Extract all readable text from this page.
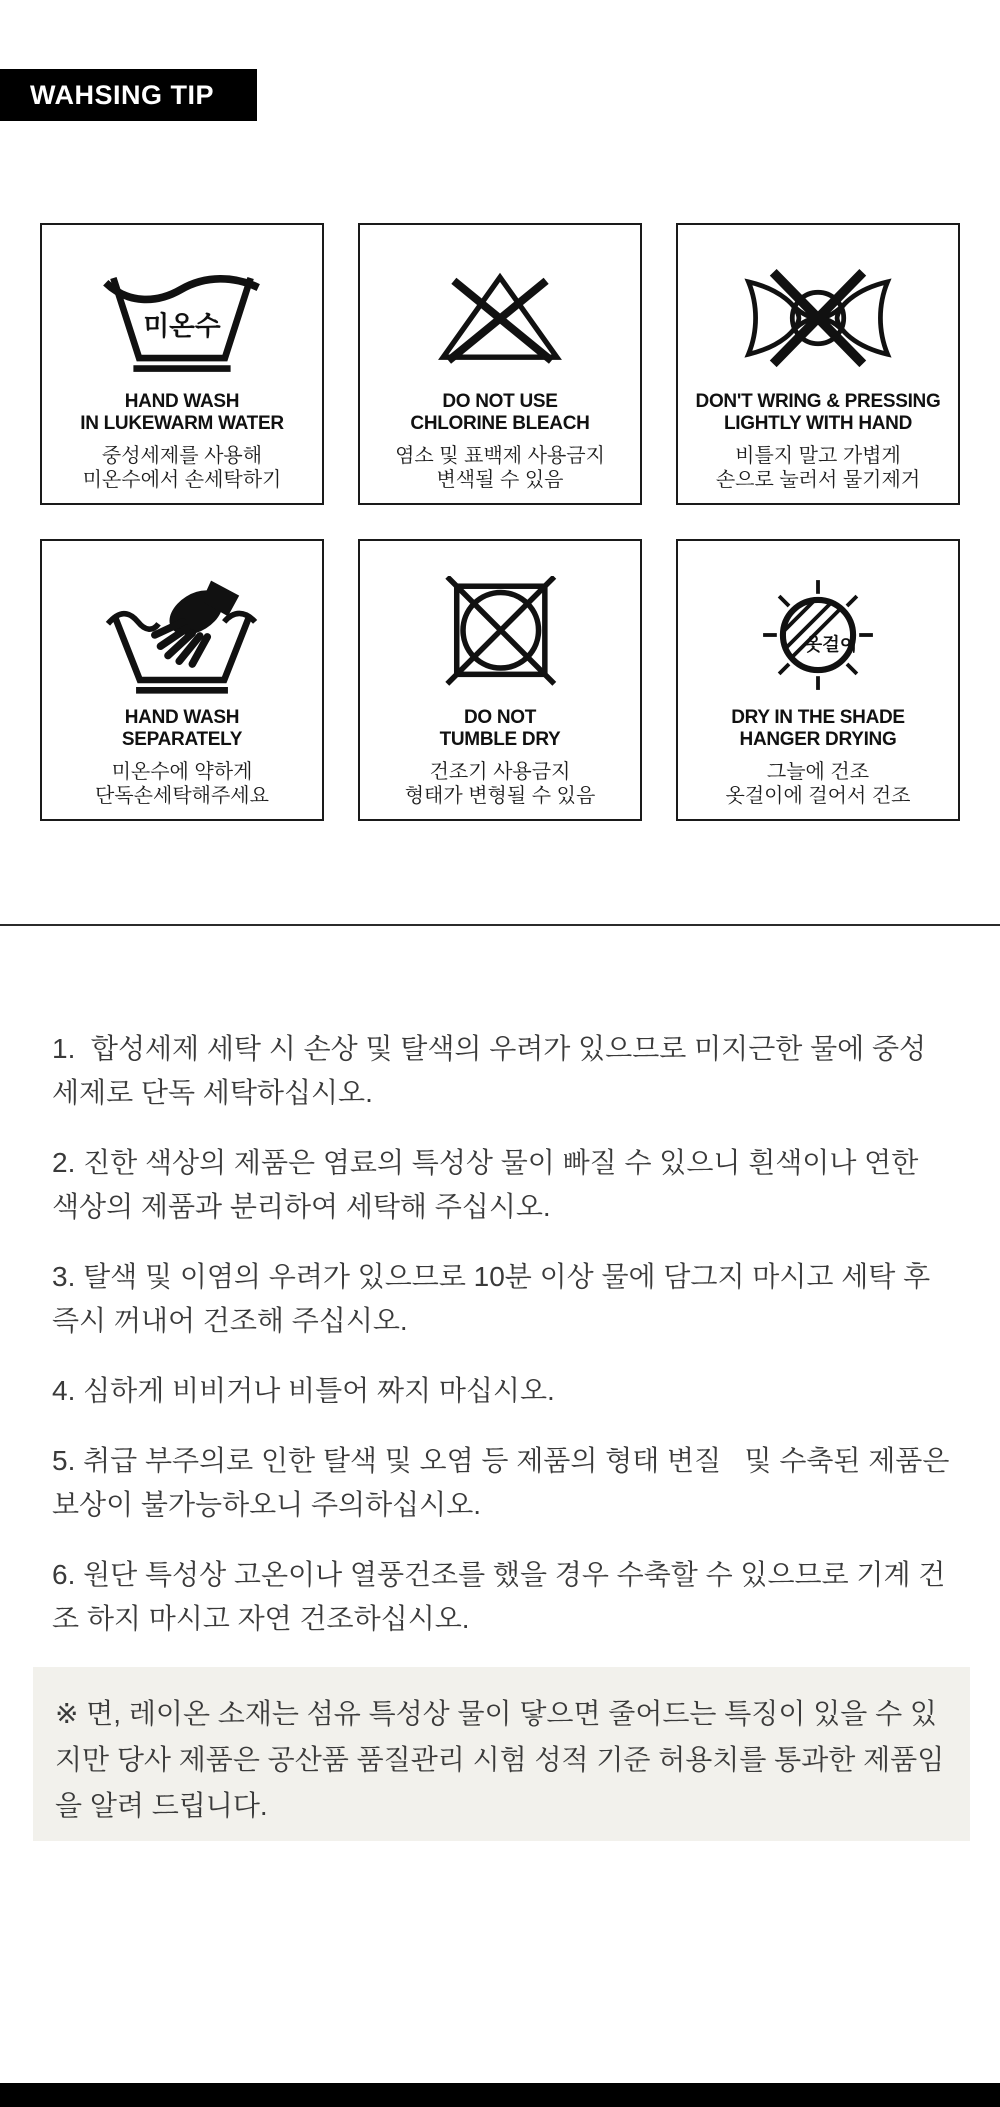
WAHSING TIP
미온수
HAND WASH
IN LUKEWARM WATER
중성세제를 사용해
미온수에서 손세탁하기
DO NOT USE
CHLORINE BLEACH
염소 및 표백제 사용금지
변색될 수 있음
DON'T WRING & PRESSING
LIGHTLY WITH HAND
비틀지 말고 가볍게
손으로 눌러서 물기제거
HAND WASH
SEPARATELY
미온수에 약하게
단독손세탁해주세요
DO NOT
TUMBLE DRY
건조기 사용금지
형태가 변형될 수 있음
옷걸이
DRY IN THE SHADE
HANGER DRYING
그늘에 건조
옷걸이에 걸어서 건조

1.  합성세제 세탁 시 손상 및 탈색의 우려가 있으므로 미지근한 물에 중성세제로 단독 세탁하십시오.

2. 진한 색상의 제품은 염료의 특성상 물이 빠질 수 있으니 흰색이나 연한 색상의 제품과 분리하여 세탁해 주십시오.

3. 탈색 및 이염의 우려가 있으므로 10분 이상 물에 담그지 마시고 세탁 후 즉시 꺼내어 건조해 주십시오.

4. 심하게 비비거나 비틀어 짜지 마십시오.

5. 취급 부주의로 인한 탈색 및 오염 등 제품의 형태 변질   및 수축된 제품은 보상이 불가능하오니 주의하십시오.

6. 원단 특성상 고온이나 열풍건조를 했을 경우 수축할 수 있으므로 기계 건조 하지 마시고 자연 건조하십시오.

※ 면, 레이온 소재는 섬유 특성상 물이 닿으면 줄어드는 특징이 있을 수 있지만 당사 제품은 공산품 품질관리 시험 성적 기준 허용치를 통과한 제품임을 알려 드립니다.
